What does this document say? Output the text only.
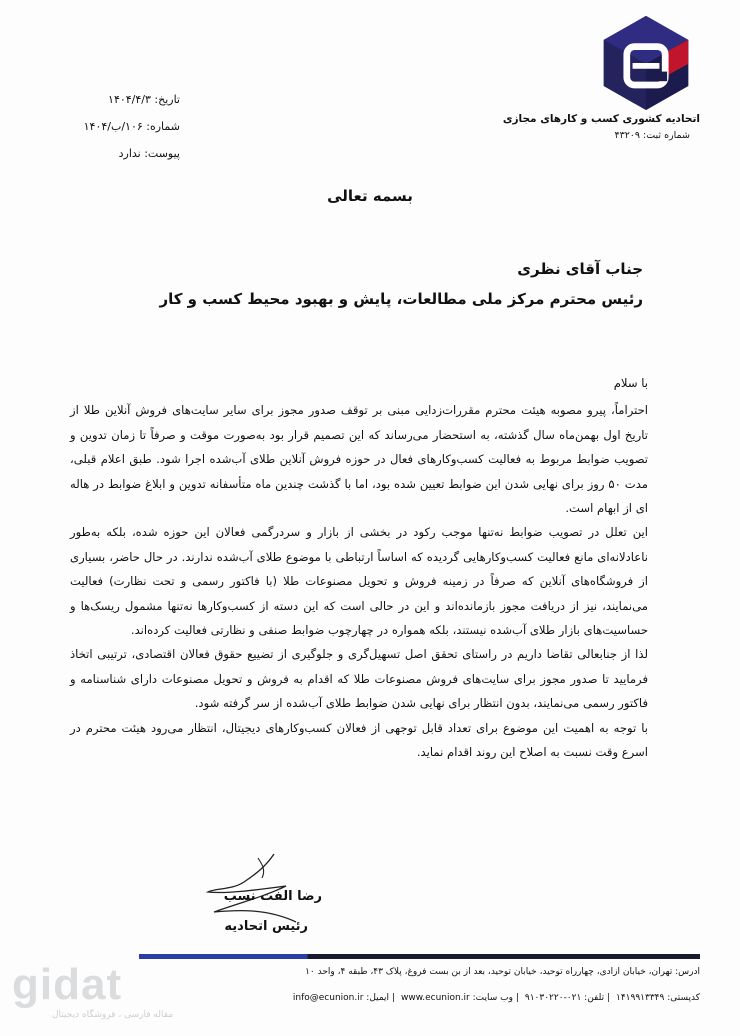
اتحادیه کشوری کسب و کارهای مجازی
شماره ثبت: ۴۳۲۰۹
تاریخ: ۱۴۰۴/۴/۳
شماره: ۱۰۶/ب/۱۴۰۴
پیوست: ندارد
بسمه تعالی
جناب آقای نظری
رئیس محترم مرکز ملی مطالعات، پایش و بهبود محیط کسب و کار

با سلام

احتراماً، پیرو مصوبه هیئت محترم مقررات‌زدایی مبنی بر توقف صدور مجوز برای سایر سایت‌های فروش آنلاین طلا از تاریخ اول بهمن‌ماه سال گذشته، به استحضار می‌رساند که این تصمیم قرار بود به‌صورت موقت و صرفاً تا زمان تدوین و تصویب ضوابط مربوط به فعالیت کسب‌وکارهای فعال در حوزه فروش آنلاین طلای آب‌شده اجرا شود. طبق اعلام قبلی، مدت ۵۰ روز برای نهایی شدن این ضوابط تعیین شده بود، اما با گذشت چندین ماه متأسفانه تدوین و ابلاغ ضوابط در هاله ای از ابهام است.

این تعلل در تصویب ضوابط نه‌تنها موجب رکود در بخشی از بازار و سردرگمی فعالان این حوزه شده، بلکه به‌طور ناعادلانه‌ای مانع فعالیت کسب‌وکارهایی گردیده که اساساً ارتباطی با موضوع طلای آب‌شده ندارند. در حال حاضر، بسیاری از فروشگاه‌های آنلاین که صرفاً در زمینه فروش و تحویل مصنوعات طلا (با فاکتور رسمی و تحت نظارت) فعالیت می‌نمایند، نیز از دریافت مجوز بازمانده‌اند و این در حالی است که این دسته از کسب‌وکارها نه‌تنها مشمول ریسک‌ها و حساسیت‌های بازار طلای آب‌شده نیستند، بلکه همواره در چهارچوب ضوابط صنفی و نظارتی فعالیت کرده‌اند.

لذا از جنابعالی تقاضا داریم در راستای تحقق اصل تسهیل‌گری و جلوگیری از تضییع حقوق فعالان اقتصادی، ترتیبی اتخاذ فرمایید تا صدور مجوز برای سایت‌های فروش مصنوعات طلا که اقدام به فروش و تحویل مصنوعات دارای شناسنامه و فاکتور رسمی می‌نمایند، بدون انتظار برای نهایی شدن ضوابط طلای آب‌شده از سر گرفته شود.

با توجه به اهمیت این موضوع برای تعداد قابل توجهی از فعالان کسب‌وکارهای دیجیتال، انتظار می‌رود هیئت محترم در اسرع وقت نسبت به اصلاح این روند اقدام نماید.

رضا الفت نسب
رئیس اتحادیه
آدرس: تهران، خیابان آزادی، چهارراه توحید، خیابان توحید، بعد از بن بست فروغ، پلاک ۴۳، طبقه ۴، واحد ۱۰
کدپستی: ۱۴۱۹۹۱۳۳۴۹| تلفن: ۰۲۱-۹۱۰۳۰۲۲۰| وب سایت: www.ecunion.ir| ایمیل: info@ecunion.ir
gidat
مقاله فارسی ، فروشگاه دیجیتال
